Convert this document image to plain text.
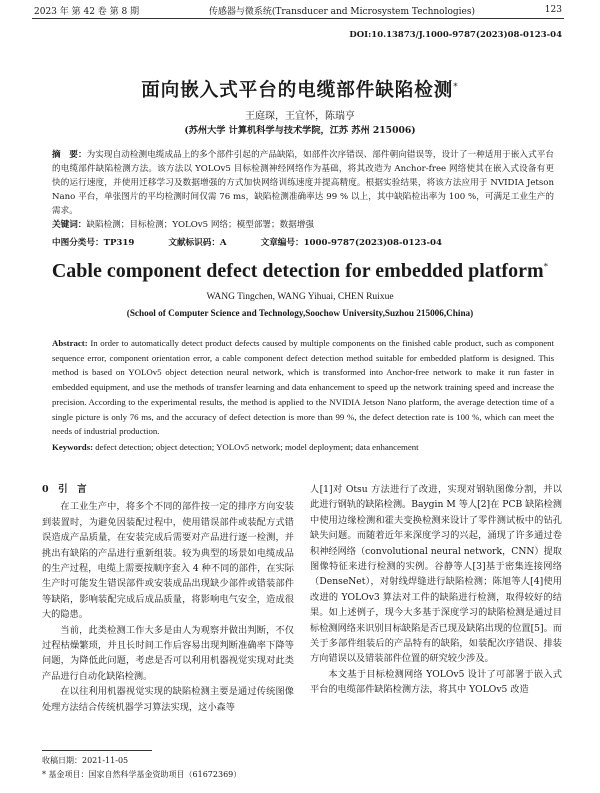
2023 年 第 42 卷 第 8 期	传感器与微系统(Transducer and Microsystem Technologies)	123
DOI:10.13873/J.1000-9787(2023)08-0123-04
面向嵌入式平台的电缆部件缺陷检测*
王庭琛，王宜怀，陈瑞亨
(苏州大学 计算机科学与技术学院，江苏 苏州 215006)
摘　要：为实现自动检测电缆成品上的多个部件引起的产品缺陷，如部件次序错误、部件朝向错误等，设计了一种适用于嵌入式平台的电缆部件缺陷检测方法。该方法以 YOLOv5 目标检测神经网络作为基础，将其改造为 Anchor-free 网络使其在嵌入式设备有更快的运行速度，并使用迁移学习及数据增强的方式加快网络训练速度并提高精度。根据实验结果，将该方法应用于 NVIDIA Jetson Nano 平台，单张图片的平均检测时间仅需 76 ms，缺陷检测准确率达 99 % 以上，其中缺陷检出率为 100 %，可满足工业生产的需求。
关键词：缺陷检测；目标检测；YOLOv5 网络；模型部署；数据增强
中图分类号：TP319	文献标识码：A	文章编号：1000-9787(2023)08-0123-04
Cable component defect detection for embedded platform*
WANG Tingchen, WANG Yihuai, CHEN Ruixue
(School of Computer Science and Technology,Soochow University,Suzhou 215006,China)
Abstract: In order to automatically detect product defects caused by multiple components on the finished cable product, such as component sequence error, component orientation error, a cable component defect detection method suitable for embedded platform is designed. This method is based on YOLOv5 object detection neural network, which is transformed into Anchor-free network to make it run faster in embedded equipment, and use the methods of transfer learning and data enhancement to speed up the network training speed and increase the precision. According to the experimental results, the method is applied to the NVIDIA Jetson Nano platform, the average detection time of a single picture is only 76 ms, and the accuracy of defect detection is more than 99 %, the defect detection rate is 100 %, which can meet the needs of industrial production.
Keywords: defect detection; object detection; YOLOv5 network; model deployment; data enhancement
0　引　言

在工业生产中，将多个不同的部件按一定的排序方向安装到装置时，为避免因装配过程中，使用错误部件或装配方式错误造成产品质量，在安装完成后需要对产品进行逐一检测，并挑出有缺陷的产品进行重新组装。较为典型的场景如电缆成品的生产过程，电缆上需要按顺序套入 4 种不同的部件，在实际生产时可能发生错误部件或安装成品出现缺少部件或错装部件等缺陷，影响装配完成后成品质量，将影响电气安全，造成很大的隐患。

当前，此类检测工作大多是由人为观察并做出判断，不仅过程枯燥繁琐，并且长时间工作后容易出现判断准确率下降等问题，为降低此问题，考虑是否可以利用机器视觉实现对此类产品进行自动化缺陷检测。

在以往利用机器视觉实现的缺陷检测主要是通过传统图像处理方法结合传统机器学习算法实现，这小森等

人[1]对 Otsu 方法进行了改进，实现对钢轨图像分割，并以此进行钢轨的缺陷检测。Baygin M 等人[2]在 PCB 缺陷检测中使用边缘检测和霍夫变换检测来设计了零件测试板中的钻孔缺失问题。而随着近年来深度学习的兴起，涌现了许多通过卷积神经网络（convolutional neural network，CNN）提取图像特征来进行检测的实例。谷静等人[3]基于密集连接网络（DenseNet），对射线焊缝进行缺陷检测；陈旭等人[4]使用改进的 YOLOv3 算法对工件的缺陷进行检测，取得较好的结果。如上述例子，现今大多基于深度学习的缺陷检测是通过目标检测网络来识别目标缺陷是否已现及缺陷出现的位置[5]。而关于多部件组装后的产品特有的缺陷，如装配次序错误、排装方向错误以及错装部件位置的研究较少涉及。

本文基于目标检测网络 YOLOv5 设计了可部署于嵌入式平台的电缆部件缺陷检测方法，将其中 YOLOv5 改造

收稿日期：2021-11-05
* 基金项目：国家自然科学基金资助项目（61672369）
